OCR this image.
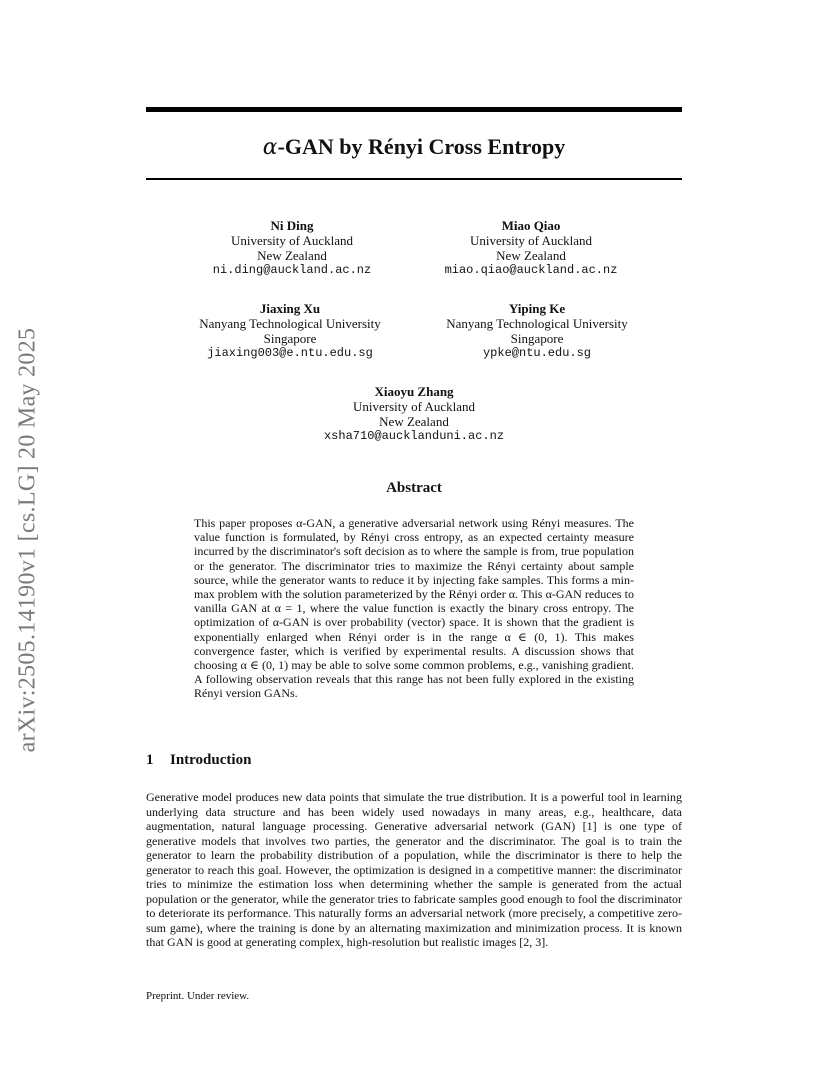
arXiv:2505.14190v1 [cs.LG] 20 May 2025
α-GAN by Rényi Cross Entropy
Ni Ding
University of Auckland
New Zealand
ni.ding@auckland.ac.nz
Miao Qiao
University of Auckland
New Zealand
miao.qiao@auckland.ac.nz
Jiaxing Xu
Nanyang Technological University
Singapore
jiaxing003@e.ntu.edu.sg
Yiping Ke
Nanyang Technological University
Singapore
ypke@ntu.edu.sg
Xiaoyu Zhang
University of Auckland
New Zealand
xsha710@aucklanduni.ac.nz
Abstract

This paper proposes α-GAN, a generative adversarial network using Rényi measures. The value function is formulated, by Rényi cross entropy, as an expected certainty measure incurred by the discriminator's soft decision as to where the sample is from, true population or the generator. The discriminator tries to maximize the Rényi certainty about sample source, while the generator wants to reduce it by injecting fake samples. This forms a min-max problem with the solution parameterized by the Rényi order α. This α-GAN reduces to vanilla GAN at α = 1, where the value function is exactly the binary cross entropy. The optimization of α-GAN is over probability (vector) space. It is shown that the gradient is exponentially enlarged when Rényi order is in the range α ∈ (0, 1). This makes convergence faster, which is verified by experimental results. A discussion shows that choosing α ∈ (0, 1) may be able to solve some common problems, e.g., vanishing gradient. A following observation reveals that this range has not been fully explored in the existing Rényi version GANs.

1 Introduction

Generative model produces new data points that simulate the true distribution. It is a powerful tool in learning underlying data structure and has been widely used nowadays in many areas, e.g., healthcare, data augmentation, natural language processing. Generative adversarial network (GAN) [1] is one type of generative models that involves two parties, the generator and the discriminator. The goal is to train the generator to learn the probability distribution of a population, while the discriminator is there to help the generator to reach this goal. However, the optimization is designed in a competitive manner: the discriminator tries to minimize the estimation loss when determining whether the sample is generated from the actual population or the generator, while the generator tries to fabricate samples good enough to fool the discriminator to deteriorate its performance. This naturally forms an adversarial network (more precisely, a competitive zero-sum game), where the training is done by an alternating maximization and minimization process. It is known that GAN is good at generating complex, high-resolution but realistic images [2, 3].

Preprint. Under review.
